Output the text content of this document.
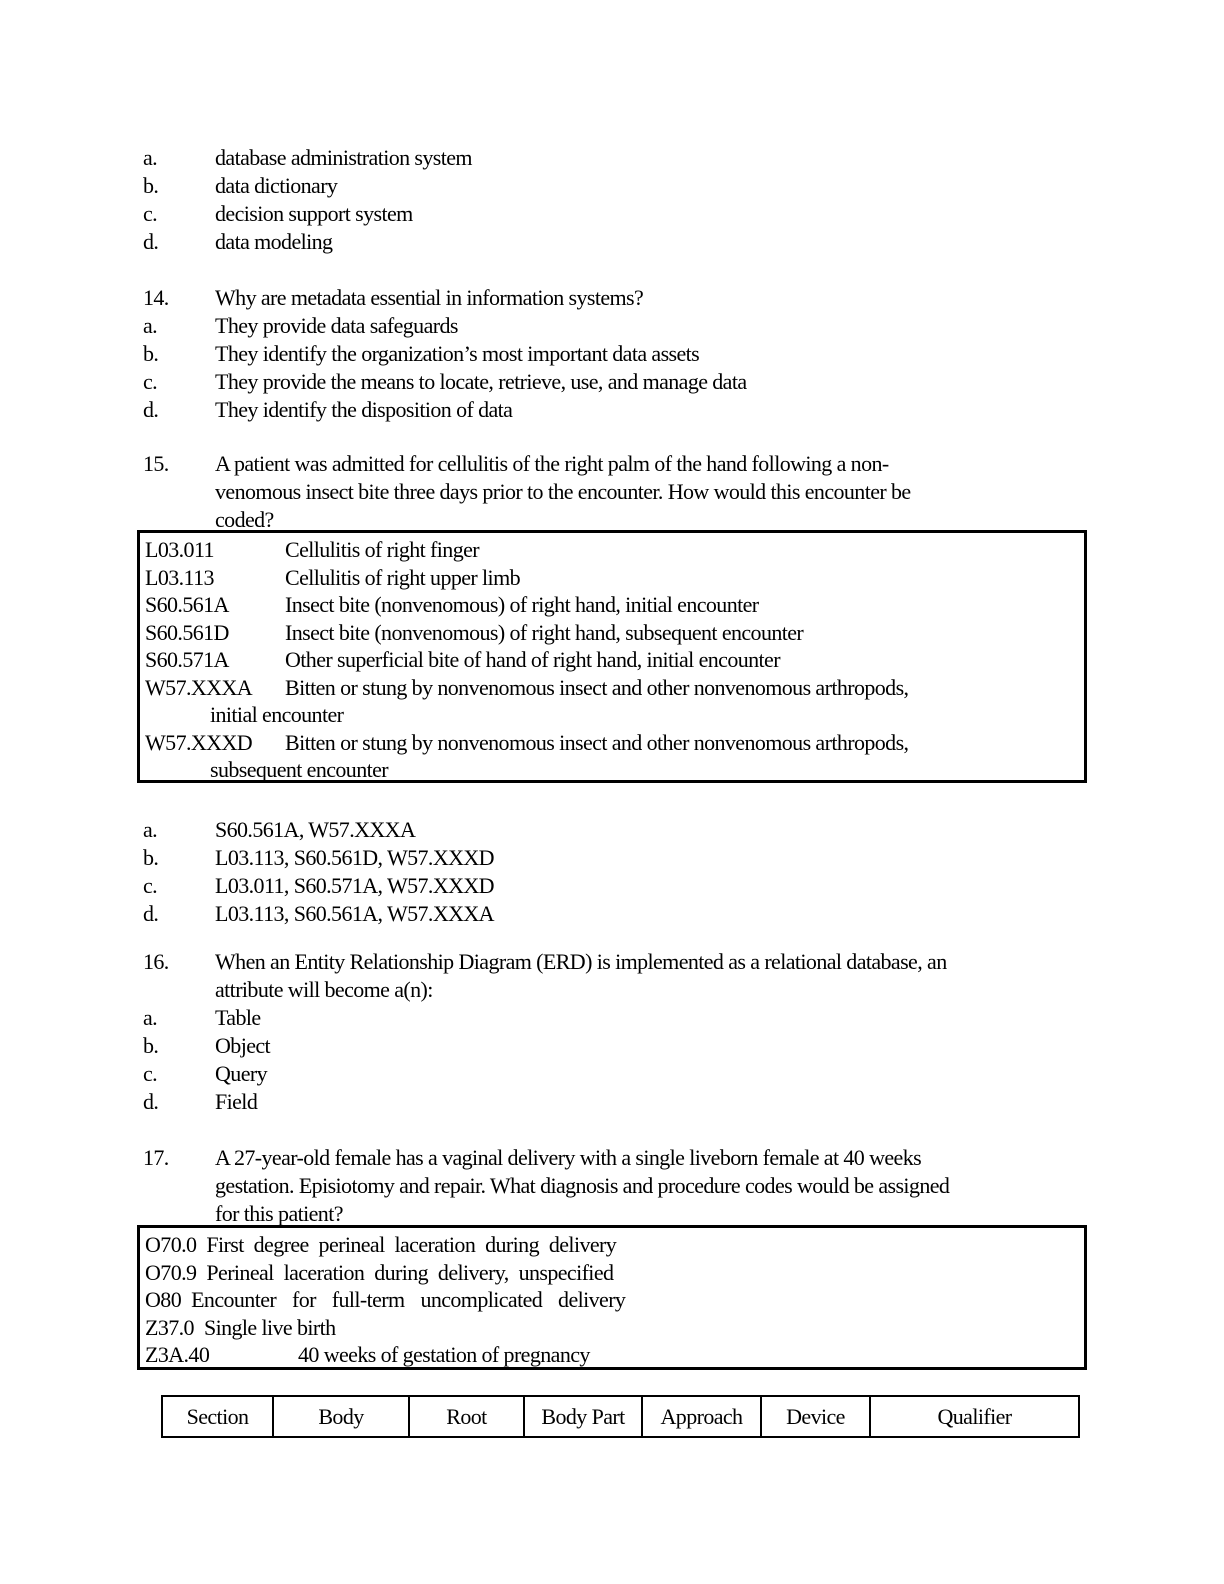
a.	database administration system
b.	data dictionary
c.	decision support system
d.	data modeling
14.	Why are metadata essential in information systems?
a.	They provide data safeguards
b.	They identify the organization’s most important data assets
c.	They provide the means to locate, retrieve, use, and manage data
d.	They identify the disposition of data
15.	A patient was admitted for cellulitis of the right palm of the hand following a non-
venomous insect bite three days prior to the encounter. How would this encounter be
coded?
L03.011	Cellulitis of right finger
L03.113	Cellulitis of right upper limb
S60.561A	Insect bite (nonvenomous) of right hand, initial encounter
S60.561D	Insect bite (nonvenomous) of right hand, subsequent encounter
S60.571A	Other superficial bite of hand of right hand, initial encounter
W57.XXXA	Bitten or stung by nonvenomous insect and other nonvenomous arthropods,
initial encounter
W57.XXXD	Bitten or stung by nonvenomous insect and other nonvenomous arthropods,
subsequent encounter
a.	S60.561A, W57.XXXA
b.	L03.113, S60.561D, W57.XXXD
c.	L03.011, S60.571A, W57.XXXD
d.	L03.113, S60.561A, W57.XXXA
16.	When an Entity Relationship Diagram (ERD) is implemented as a relational database, an
attribute will become a(n):
a.	Table
b.	Object
c.	Query
d.	Field
17.	A 27-year-old female has a vaginal delivery with a single liveborn female at 40 weeks
gestation. Episiotomy and repair. What diagnosis and procedure codes would be assigned
for this patient?
O70.0 First degree perineal laceration during delivery
O70.9 Perineal laceration during delivery, unspecified
O80 Encounter for full-term uncomplicated delivery
Z37.0 Single live birth
Z3A.40	40 weeks of gestation of pregnancy
Section	Body	Root	Body Part	Approach	Device	Qualifier
